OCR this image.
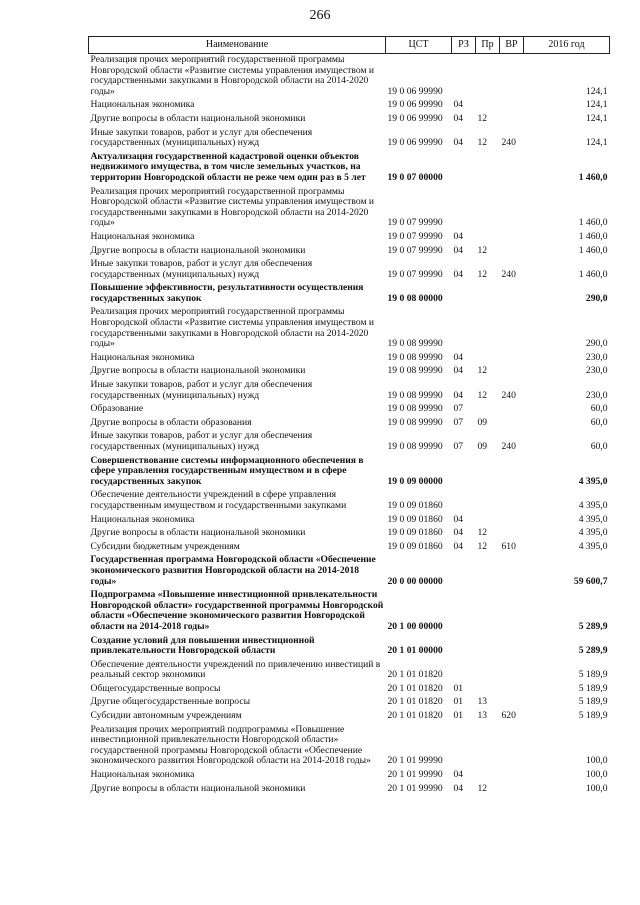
266
Наименование	ЦСТ	РЗ	Пр	ВР	2016 год
Реализация прочих мероприятий государственной программы Новгородской области «Развитие системы управления имуществом и государственными закупками в Новгородской области на 2014-2020 годы»	19 0 06 99990				124,1
Национальная экономика	19 0 06 99990	04			124,1
Другие вопросы в области национальной экономики	19 0 06 99990	04	12		124,1
Иные закупки товаров, работ и услуг для обеспечения государственных (муниципальных) нужд	19 0 06 99990	04	12	240	124,1
Актуализация государственной кадастровой оценки объектов недвижимого имущества, в том числе земельных участков, на территории Новгородской области не реже чем один раз в 5 лет	19 0 07 00000				1 460,0
Реализация прочих мероприятий государственной программы Новгородской области «Развитие системы управления имуществом и государственными закупками в Новгородской области на 2014-2020 годы»	19 0 07 99990				1 460,0
Национальная экономика	19 0 07 99990	04			1 460,0
Другие вопросы в области национальной экономики	19 0 07 99990	04	12		1 460,0
Иные закупки товаров, работ и услуг для обеспечения государственных (муниципальных) нужд	19 0 07 99990	04	12	240	1 460,0
Повышение эффективности, результативности осуществления государственных закупок	19 0 08 00000				290,0
Реализация прочих мероприятий государственной программы Новгородской области «Развитие системы управления имуществом и государственными закупками в Новгородской области на 2014-2020 годы»	19 0 08 99990				290,0
Национальная экономика	19 0 08 99990	04			230,0
Другие вопросы в области национальной экономики	19 0 08 99990	04	12		230,0
Иные закупки товаров, работ и услуг для обеспечения государственных (муниципальных) нужд	19 0 08 99990	04	12	240	230,0
Образование	19 0 08 99990	07			60,0
Другие вопросы в области образования	19 0 08 99990	07	09		60,0
Иные закупки товаров, работ и услуг для обеспечения государственных (муниципальных) нужд	19 0 08 99990	07	09	240	60,0
Совершенствование системы информационного обеспечения в сфере управления государственным имуществом и в сфере государственных закупок	19 0 09 00000				4 395,0
Обеспечение деятельности учреждений в сфере управления государственным имуществом и государственными закупками	19 0 09 01860				4 395,0
Национальная экономика	19 0 09 01860	04			4 395,0
Другие вопросы в области национальной экономики	19 0 09 01860	04	12		4 395,0
Субсидии бюджетным учреждениям	19 0 09 01860	04	12	610	4 395,0
Государственная программа Новгородской области «Обеспечение экономического развития Новгородской области на 2014-2018 годы»	20 0 00 00000				59 600,7
Подпрограмма «Повышение инвестиционной привлекательности Новгородской области» государственной программы Новгородской области «Обеспечение экономического развития Новгородской области на 2014-2018 годы»	20 1 00 00000				5 289,9
Создание условий для повышения инвестиционной привлекательности Новгородской области	20 1 01 00000				5 289,9
Обеспечение деятельности учреждений по привлечению инвестиций в реальный сектор экономики	20 1 01 01820				5 189,9
Общегосударственные вопросы	20 1 01 01820	01			5 189,9
Другие общегосударственные вопросы	20 1 01 01820	01	13		5 189,9
Субсидии автономным учреждениям	20 1 01 01820	01	13	620	5 189,9
Реализация прочих мероприятий подпрограммы «Повышение инвестиционной привлекательности Новгородской области» государственной программы Новгородской области «Обеспечение экономического развития Новгородской области на 2014-2018 годы»	20 1 01 99990				100,0
Национальная экономика	20 1 01 99990	04			100,0
Другие вопросы в области национальной экономики	20 1 01 99990	04	12		100,0
